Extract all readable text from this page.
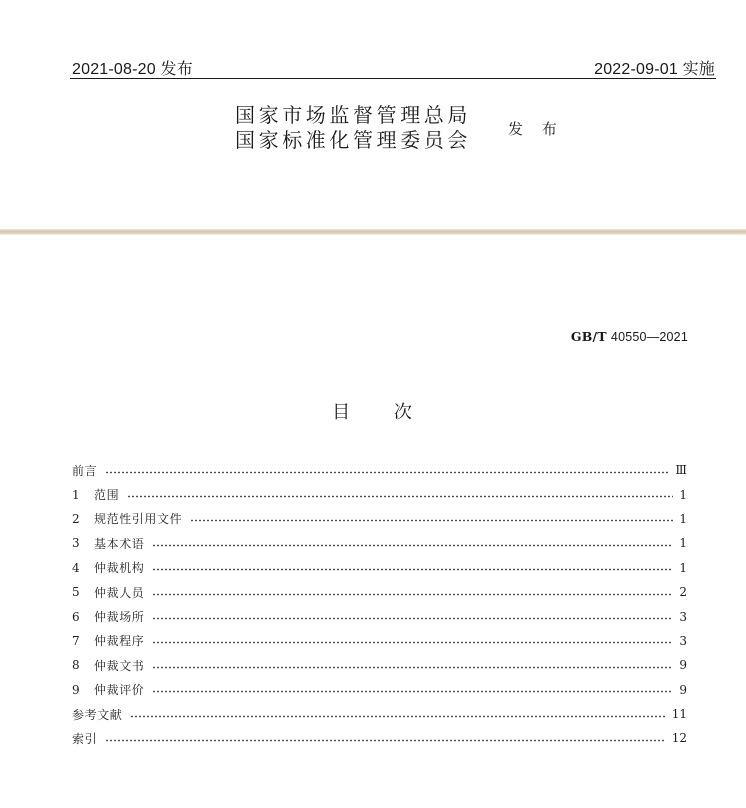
2021-08-20 发布	2022-09-01 实施
国家市场监督管理总局
国家标准化管理委员会 发 布
GB/T 40550—2021
目 次
前言	Ⅲ
1	范围	1
2	规范性引用文件	1
3	基本术语	1
4	仲裁机构	1
5	仲裁人员	2
6	仲裁场所	3
7	仲裁程序	3
8	仲裁文书	9
9	仲裁评价	9
参考文献	11
索引	12
